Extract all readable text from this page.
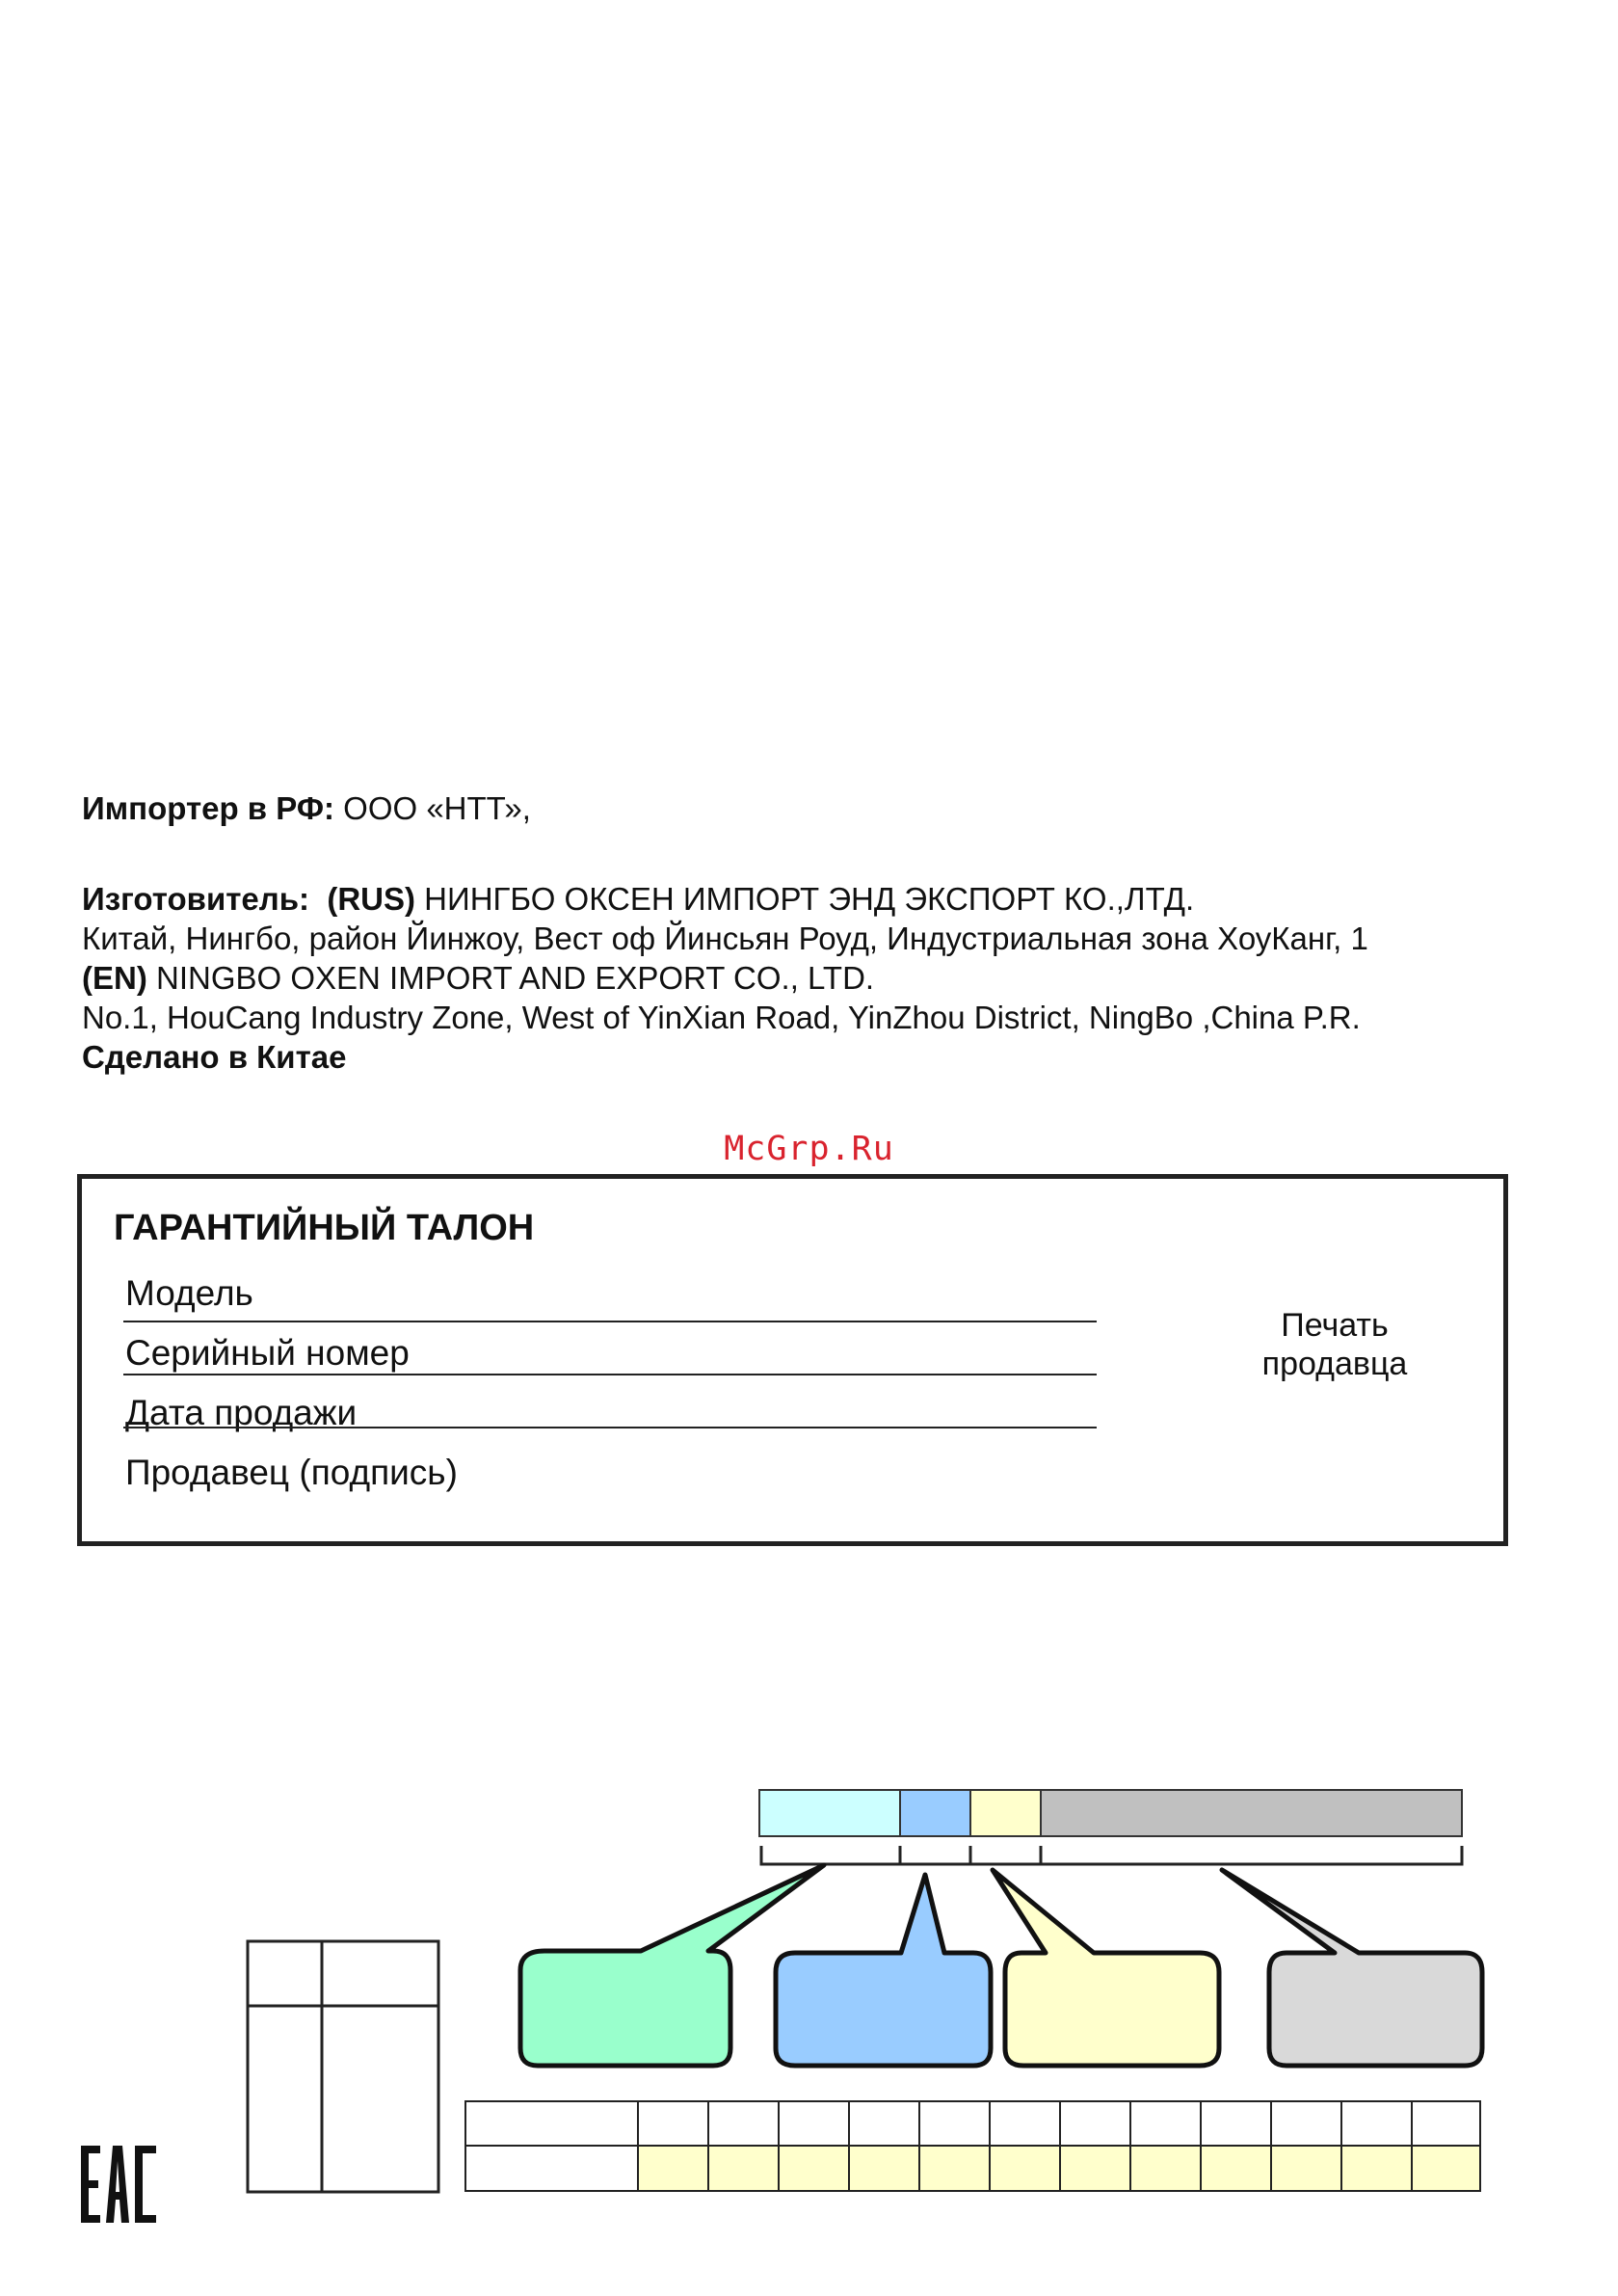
Импортер в РФ: ООО «НТТ»,
Изготовитель: (RUS) НИНГБО ОКСЕН ИМПОРТ ЭНД ЭКСПОРТ КО.,ЛТД.
Китай, Нингбо, район Йинжоу, Вест оф Йинсьян Роуд, Индустриальная зона ХоуКанг, 1
(EN) NINGBO OXEN IMPORT AND EXPORT CO., LTD.
No.1, HouCang Industry Zone, West of YinXian Road, YinZhou District, NingBo ,China P.R.
Сделано в Китае
McGrp.Ru
ГАРАНТИЙНЫЙ ТАЛОН
Модель
Серийный номер
Дата продажи
Продавец (подпись)
Печать
продавца
